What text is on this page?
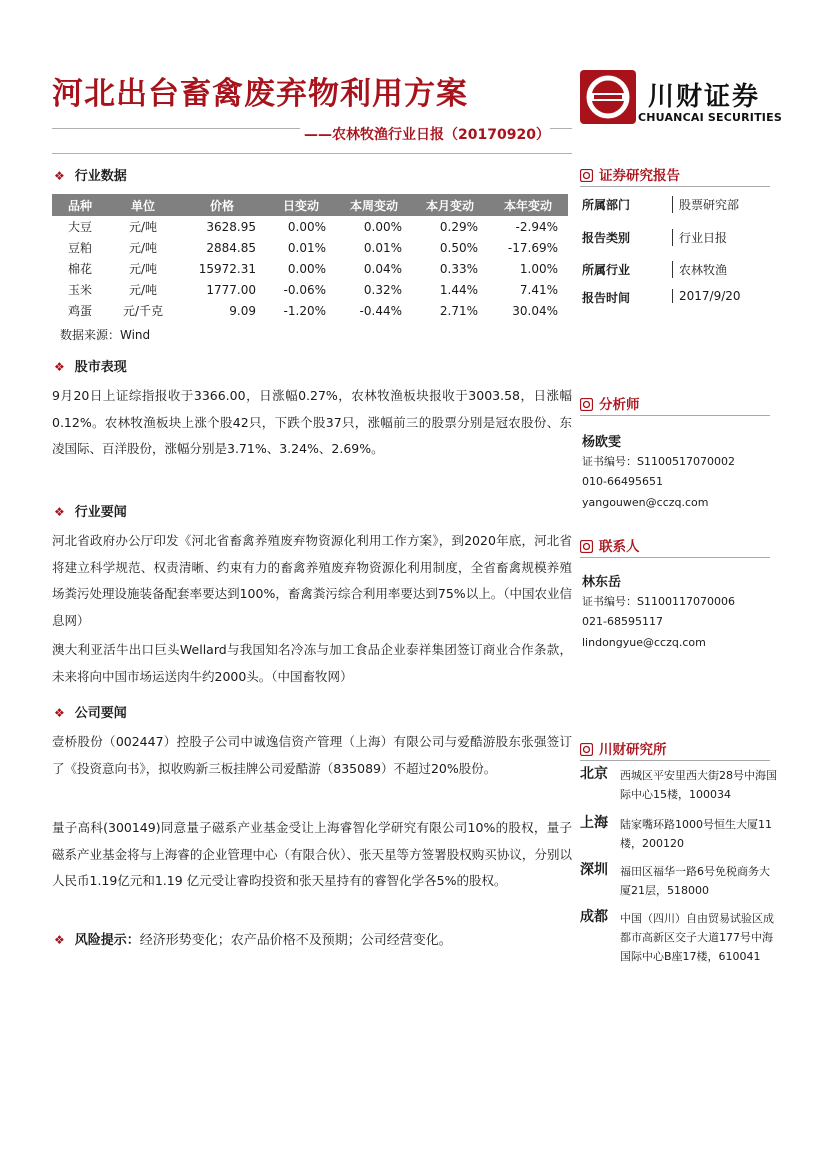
河北出台畜禽废弃物利用方案	川财证券
CHUANCAI SECURITIES
——农林牧渔行业日报（20170920）
❖ 行业数据
品种	单位	价格	日变动	本周变动	本月变动	本年变动
大豆	元/吨	3628.95	0.00%	0.00%	0.29%	-2.94%
豆粕	元/吨	2884.85	0.01%	0.01%	0.50%	-17.69%
棉花	元/吨	15972.31	0.00%	0.04%	0.33%	1.00%
玉米	元/吨	1777.00	-0.06%	0.32%	1.44%	7.41%
鸡蛋	元/千克	9.09	-1.20%	-0.44%	2.71%	30.04%
数据来源：Wind
❖ 股市表现
9月20日上证综指报收于3366.00，日涨幅0.27%，农林牧渔板块报收于3003.58，日涨幅0.12%。农林牧渔板块上涨个股42只，下跌个股37只，涨幅前三的股票分别是冠农股份、东凌国际、百洋股份，涨幅分别是3.71%、3.24%、2.69%。
❖ 行业要闻
河北省政府办公厅印发《河北省畜禽养殖废弃物资源化利用工作方案》，到2020年底，河北省将建立科学规范、权责清晰、约束有力的畜禽养殖废弃物资源化利用制度，全省畜禽规模养殖场粪污处理设施装备配套率要达到100%，畜禽粪污综合利用率要达到75%以上。（中国农业信息网）
澳大利亚活牛出口巨头Wellard与我国知名冷冻与加工食品企业泰祥集团签订商业合作条款，未来将向中国市场运送肉牛约2000头。（中国畜牧网）
❖ 公司要闻
壹桥股份（002447）控股子公司中诚逸信资产管理（上海）有限公司与爱酷游股东张强签订了《投资意向书》，拟收购新三板挂牌公司爱酷游（835089）不超过20%股份。
量子高科(300149)同意量子磁系产业基金受让上海睿智化学研究有限公司10%的股权，量子磁系产业基金将与上海睿的企业管理中心（有限合伙）、张天星等方签署股权购买协议，分别以人民币1.19亿元和1.19 亿元受让睿昀投资和张天星持有的睿智化学各5%的股权。
❖ 风险提示：经济形势变化；农产品价格不及预期；公司经营变化。
证券研究报告
所属部门	股票研究部
报告类别	行业日报
所属行业	农林牧渔
报告时间	2017/9/20
分析师
杨欧雯
证书编号：S1100517070002
010-66495651
yangouwen@cczq.com
联系人
林东岳
证书编号：S1100117070006
021-68595117
lindongyue@cczq.com
川财研究所
北京 西城区平安里西大街28号中海国际中心15楼，100034
上海 陆家嘴环路1000号恒生大厦11楼，200120
深圳 福田区福华一路6号免税商务大厦21层，518000
成都 中国（四川）自由贸易试验区成都市高新区交子大道177号中海国际中心B座17楼，610041
